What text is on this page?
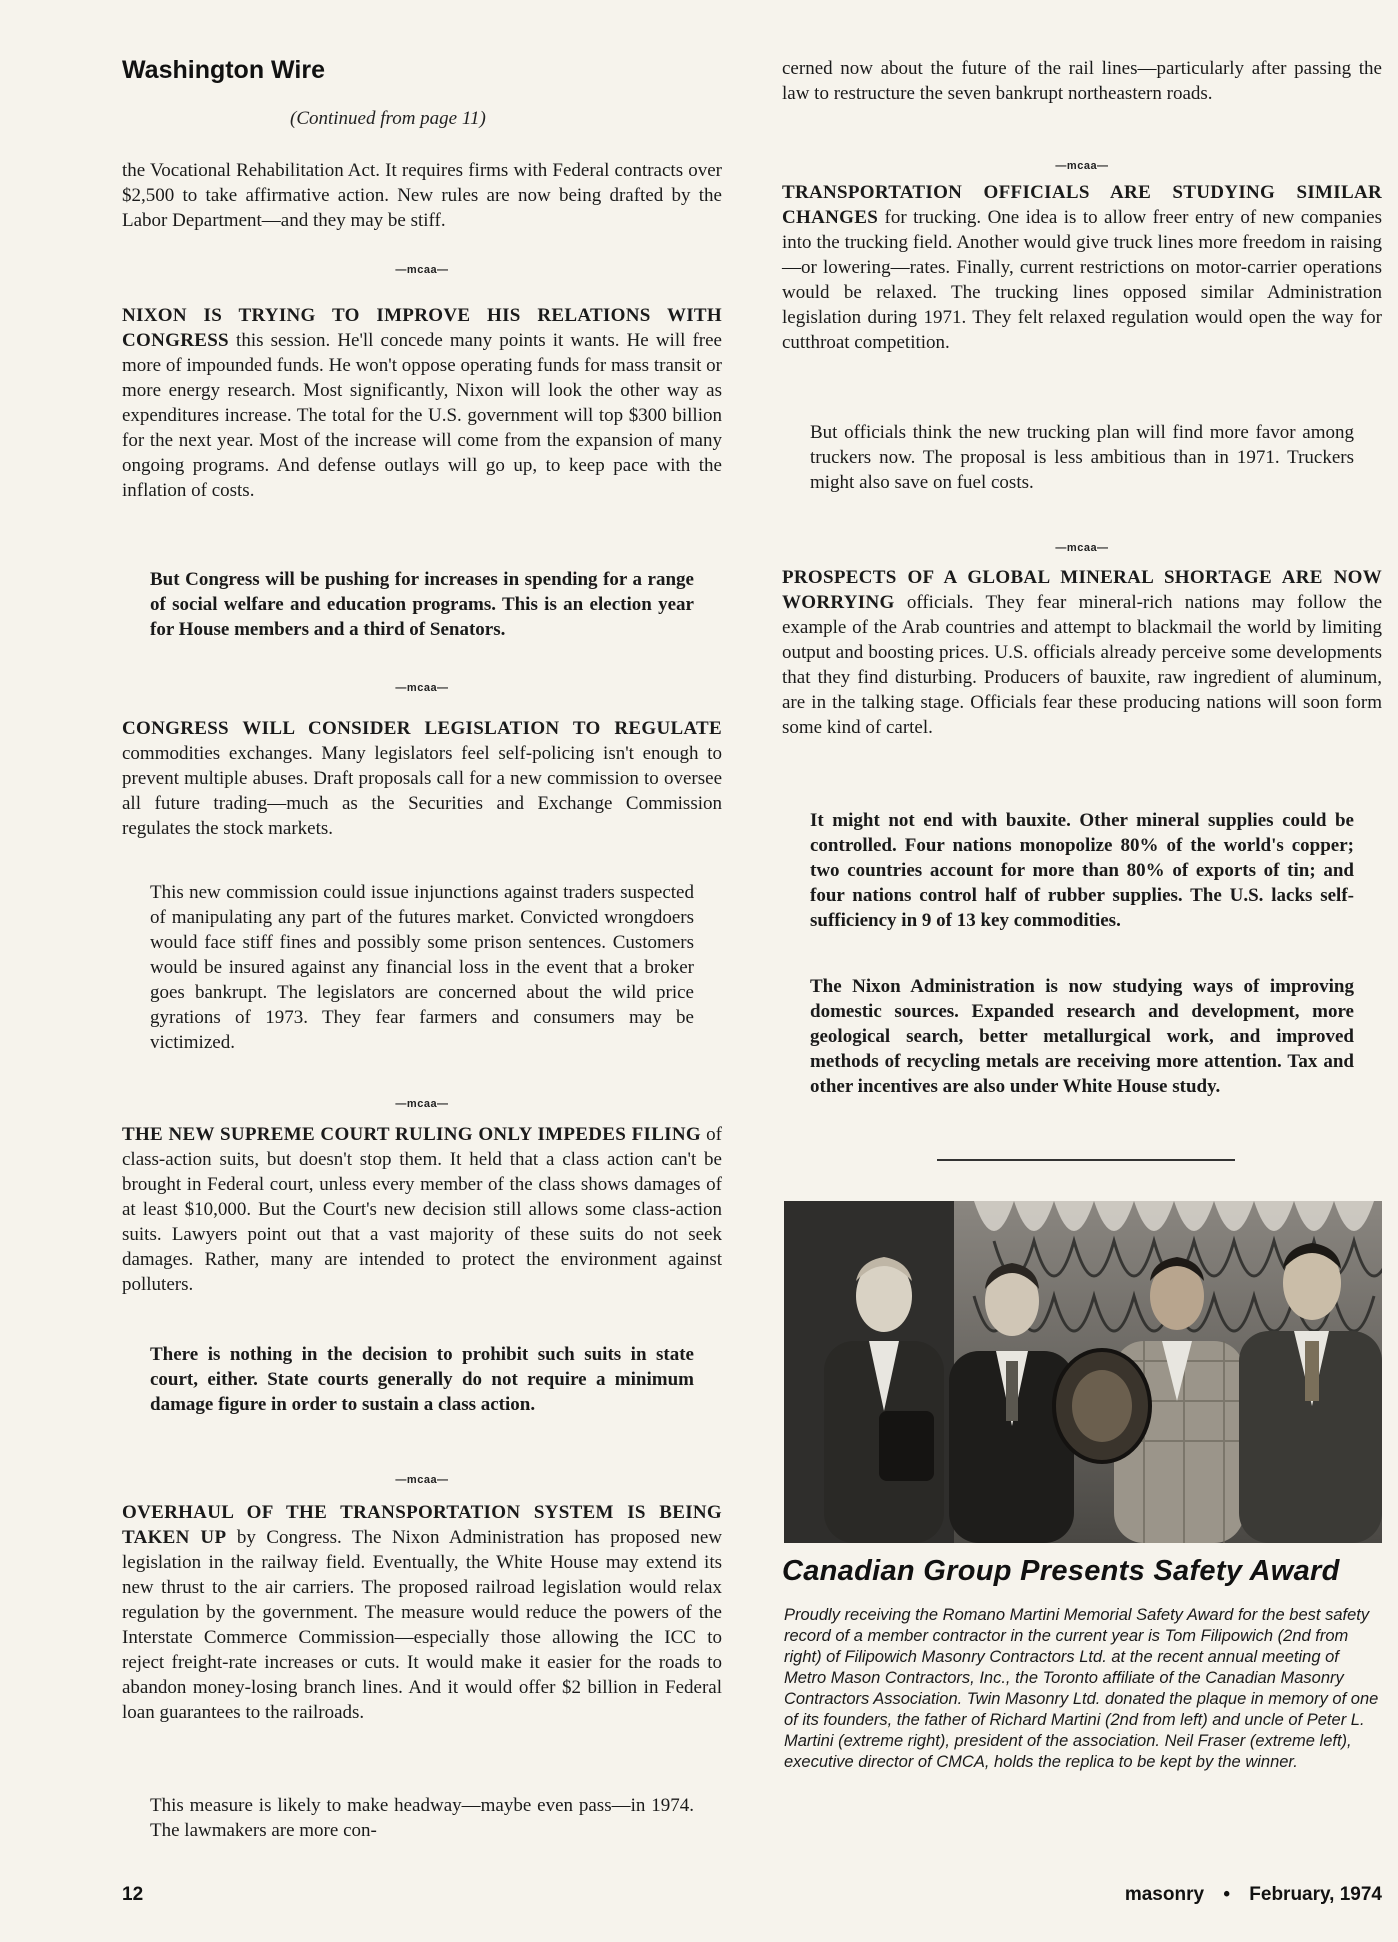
Washington Wire

(Continued from page 11)

the Vocational Rehabilitation Act. It requires firms with Federal contracts over $2,500 to take affirmative action. New rules are now being drafted by the Labor Department—and they may be stiff.

—mcaa—

NIXON IS TRYING TO IMPROVE HIS RELATIONS WITH CONGRESS this session. He'll concede many points it wants. He will free more of impounded funds. He won't oppose operating funds for mass transit or more energy research. Most significantly, Nixon will look the other way as expenditures increase. The total for the U.S. government will top $300 billion for the next year. Most of the increase will come from the expansion of many ongoing programs. And defense outlays will go up, to keep pace with the inflation of costs.

But Congress will be pushing for increases in spending for a range of social welfare and education programs. This is an election year for House members and a third of Senators.

—mcaa—

CONGRESS WILL CONSIDER LEGISLATION TO REGULATE commodities exchanges. Many legislators feel self-policing isn't enough to prevent multiple abuses. Draft proposals call for a new commission to oversee all future trading—much as the Securities and Exchange Commission regulates the stock markets.

This new commission could issue injunctions against traders suspected of manipulating any part of the futures market. Convicted wrongdoers would face stiff fines and possibly some prison sentences. Customers would be insured against any financial loss in the event that a broker goes bankrupt. The legislators are concerned about the wild price gyrations of 1973. They fear farmers and consumers may be victimized.

—mcaa—

THE NEW SUPREME COURT RULING ONLY IMPEDES FILING of class-action suits, but doesn't stop them. It held that a class action can't be brought in Federal court, unless every member of the class shows damages of at least $10,000. But the Court's new decision still allows some class-action suits. Lawyers point out that a vast majority of these suits do not seek damages. Rather, many are intended to protect the environment against polluters.

There is nothing in the decision to prohibit such suits in state court, either. State courts generally do not require a minimum damage figure in order to sustain a class action.

—mcaa—

OVERHAUL OF THE TRANSPORTATION SYSTEM IS BEING TAKEN UP by Congress. The Nixon Administration has proposed new legislation in the railway field. Eventually, the White House may extend its new thrust to the air carriers. The proposed railroad legislation would relax regulation by the government. The measure would reduce the powers of the Interstate Commerce Commission—especially those allowing the ICC to reject freight-rate increases or cuts. It would make it easier for the roads to abandon money-losing branch lines. And it would offer $2 billion in Federal loan guarantees to the railroads.

This measure is likely to make headway—maybe even pass—in 1974. The lawmakers are more con-

cerned now about the future of the rail lines—particularly after passing the law to restructure the seven bankrupt northeastern roads.

—mcaa—

TRANSPORTATION OFFICIALS ARE STUDYING SIMILAR CHANGES for trucking. One idea is to allow freer entry of new companies into the trucking field. Another would give truck lines more freedom in raising—or lowering—rates. Finally, current restrictions on motor-carrier operations would be relaxed. The trucking lines opposed similar Administration legislation during 1971. They felt relaxed regulation would open the way for cutthroat competition.

But officials think the new trucking plan will find more favor among truckers now. The proposal is less ambitious than in 1971. Truckers might also save on fuel costs.

—mcaa—

PROSPECTS OF A GLOBAL MINERAL SHORTAGE ARE NOW WORRYING officials. They fear mineral-rich nations may follow the example of the Arab countries and attempt to blackmail the world by limiting output and boosting prices. U.S. officials already perceive some developments that they find disturbing. Producers of bauxite, raw ingredient of aluminum, are in the talking stage. Officials fear these producing nations will soon form some kind of cartel.

It might not end with bauxite. Other mineral supplies could be controlled. Four nations monopolize 80% of the world's copper; two countries account for more than 80% of exports of tin; and four nations control half of rubber supplies. The U.S. lacks self-sufficiency in 9 of 13 key commodities.

The Nixon Administration is now studying ways of improving domestic sources. Expanded research and development, more geological search, better metallurgical work, and improved methods of recycling metals are receiving more attention. Tax and other incentives are also under White House study.

Canadian Group Presents Safety Award

Proudly receiving the Romano Martini Memorial Safety Award for the best safety record of a member contractor in the current year is Tom Filipowich (2nd from right) of Filipowich Masonry Contractors Ltd. at the recent annual meeting of Metro Mason Contractors, Inc., the Toronto affiliate of the Canadian Masonry Contractors Association. Twin Masonry Ltd. donated the plaque in memory of one of its founders, the father of Richard Martini (2nd from left) and uncle of Peter L. Martini (extreme right), president of the association. Neil Fraser (extreme left), executive director of CMCA, holds the replica to be kept by the winner.

12	masonry • February, 1974
